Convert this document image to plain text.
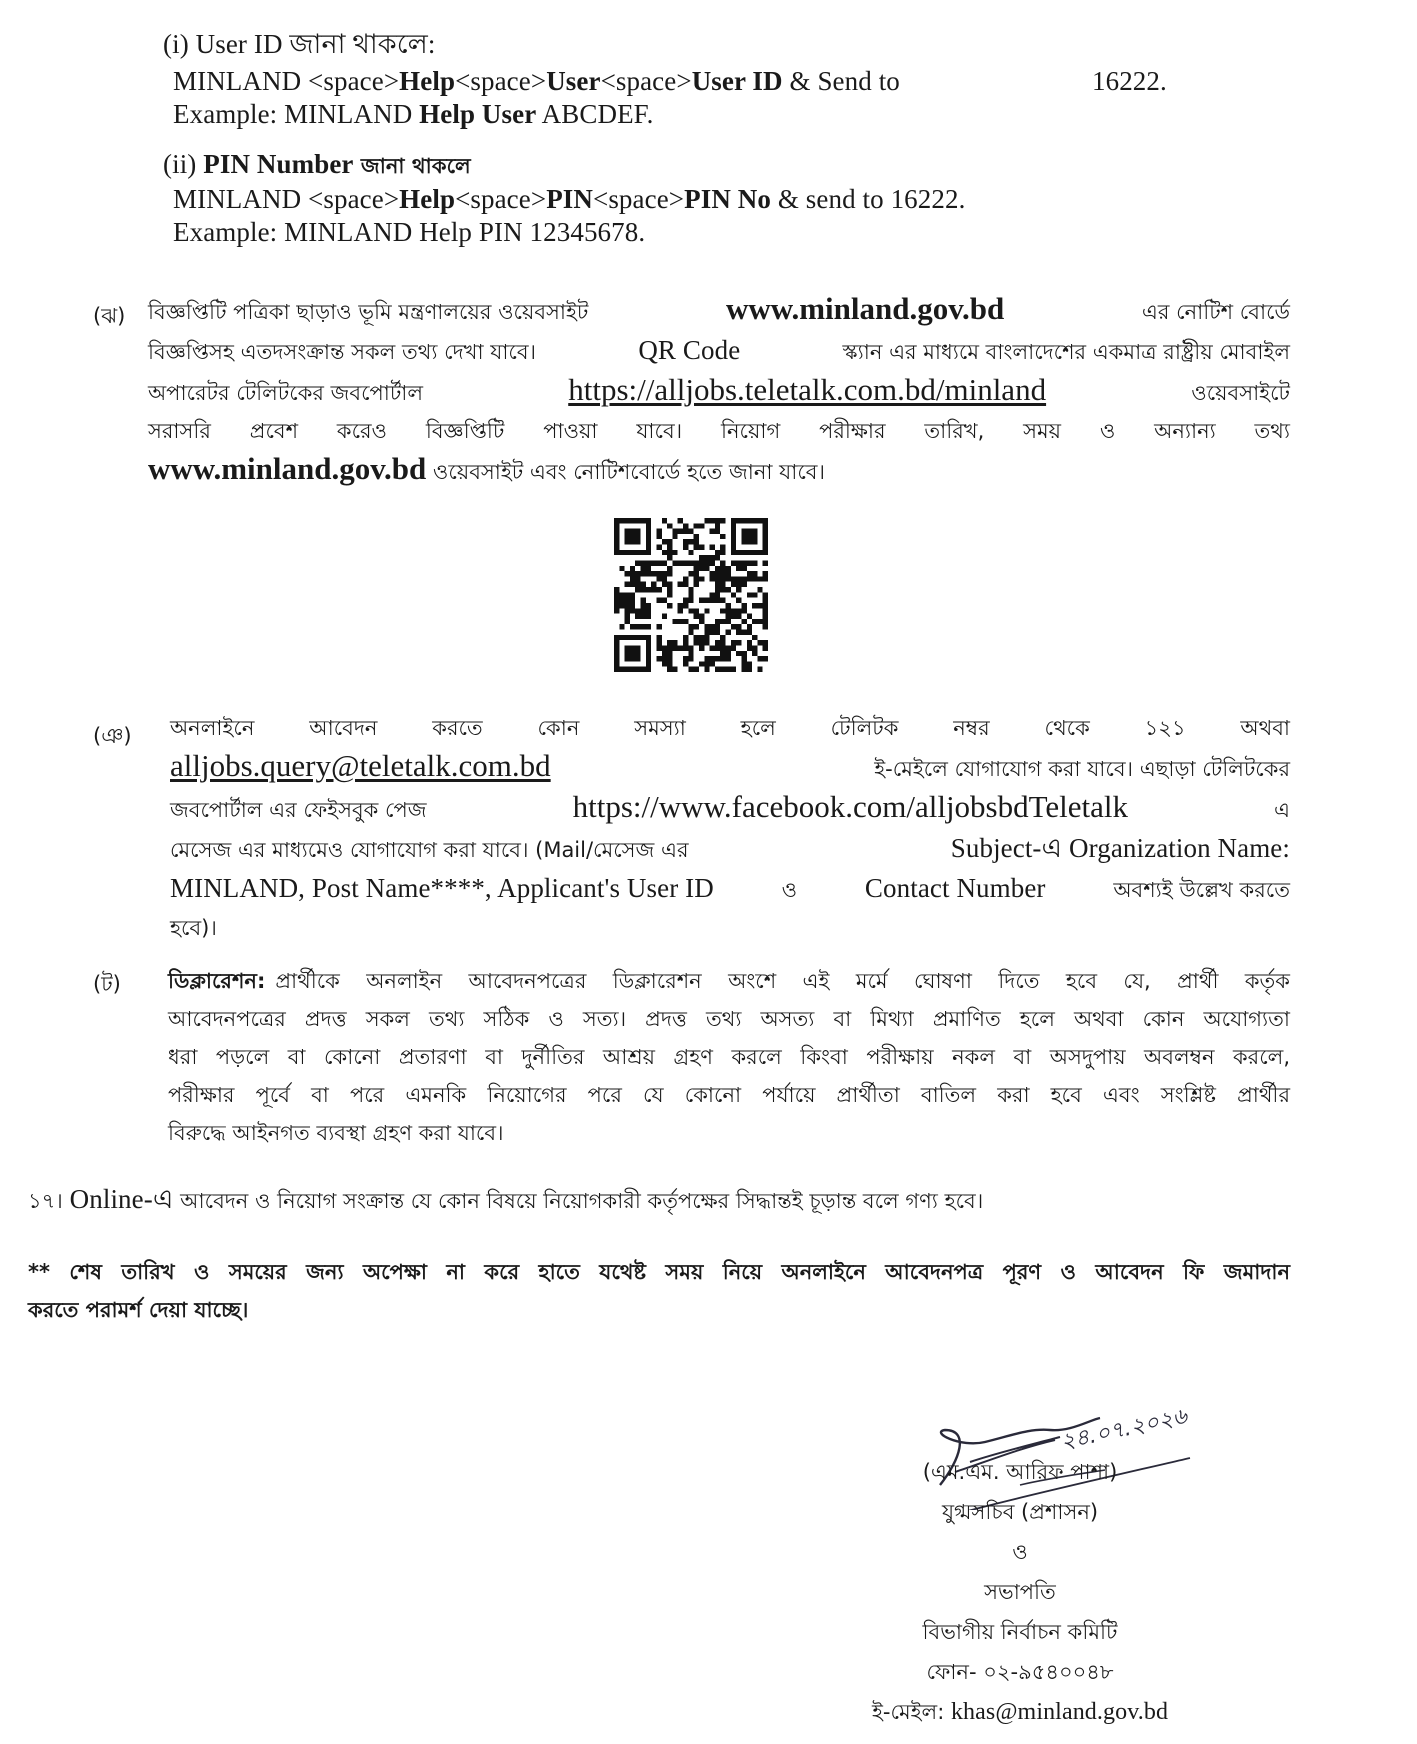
(i) User ID জানা থাকলে:
MINLAND <space>Help<space>User<space>User ID & Send to	16222.
Example: MINLAND Help User ABCDEF.
(ii) PIN Number জানা থাকলে
MINLAND <space>Help<space>PIN<space>PIN No & send to 16222.
Example: MINLAND Help PIN 12345678.
(ঝ) বিজ্ঞপ্তিটি পত্রিকা ছাড়াও ভূমি মন্ত্রণালয়ের ওয়েবসাইট	www.minland.gov.bd	এর নোটিশ বোর্ডে
বিজ্ঞপ্তিসহ এতদসংক্রান্ত সকল তথ্য দেখা যাবে।	QR Code	স্ক্যান এর মাধ্যমে বাংলাদেশের একমাত্র রাষ্ট্রীয় মোবাইল
অপারেটর টেলিটকের জবপোর্টাল	https://alljobs.teletalk.com.bd/minland	ওয়েবসাইটে
সরাসরি প্রবেশ করেও বিজ্ঞপ্তিটি পাওয়া যাবে। নিয়োগ পরীক্ষার তারিখ, সময় ও অন্যান্য তথ্য
www.minland.gov.bd ওয়েবসাইট এবং নোটিশবোর্ডে হতে জানা যাবে।
(ঞ) অনলাইনে আবেদন করতে কোন সমস্যা হলে টেলিটক নম্বর থেকে ১২১ অথবা
alljobs.query@teletalk.com.bd	ই-মেইলে যোগাযোগ করা যাবে। এছাড়া টেলিটকের
জবপোর্টাল এর ফেইসবুক পেজ	https://www.facebook.com/alljobsbdTeletalk	এ
মেসেজ এর মাধ্যমেও যোগাযোগ করা যাবে। (Mail/মেসেজ এর	Subject-এ Organization Name:
MINLAND, Post Name****, Applicant's User ID	ও	Contact Number	অবশ্যই উল্লেখ করতে
হবে)।
(ট) ডিক্লারেশন: প্রার্থীকে অনলাইন আবেদনপত্রের ডিক্লারেশন অংশে এই মর্মে ঘোষণা দিতে হবে যে, প্রার্থী কর্তৃক
আবেদনপত্রের প্রদত্ত সকল তথ্য সঠিক ও সত্য। প্রদত্ত তথ্য অসত্য বা মিথ্যা প্রমাণিত হলে অথবা কোন অযোগ্যতা
ধরা পড়লে বা কোনো প্রতারণা বা দুর্নীতির আশ্রয় গ্রহণ করলে কিংবা পরীক্ষায় নকল বা অসদুপায় অবলম্বন করলে,
পরীক্ষার পূর্বে বা পরে এমনকি নিয়োগের পরে যে কোনো পর্যায়ে প্রার্থীতা বাতিল করা হবে এবং সংশ্লিষ্ট প্রার্থীর
বিরুদ্ধে আইনগত ব্যবস্থা গ্রহণ করা যাবে।
১৭। Online-এ আবেদন ও নিয়োগ সংক্রান্ত যে কোন বিষয়ে নিয়োগকারী কর্তৃপক্ষের সিদ্ধান্তই চূড়ান্ত বলে গণ্য হবে।
** শেষ তারিখ ও সময়ের জন্য অপেক্ষা না করে হাতে যথেষ্ট সময় নিয়ে অনলাইনে আবেদনপত্র পূরণ ও আবেদন ফি জমাদান
করতে পরামর্শ দেয়া যাচ্ছে।
২৪.০৭.২০২৬
(এম.এম. আরিফ পাশা)
যুগ্মসচিব (প্রশাসন)
ও
সভাপতি
বিভাগীয় নির্বাচন কমিটি
ফোন- ০২-৯৫৪০০৪৮
ই-মেইল: khas@minland.gov.bd
